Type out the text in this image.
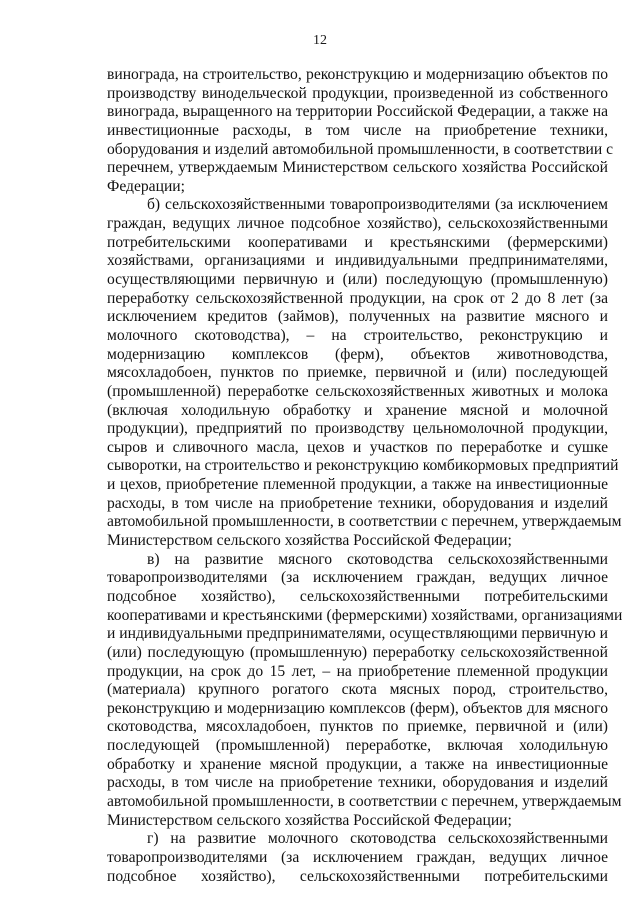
12
винограда, на строительство, реконструкцию и модернизацию объектов по
производству винодельческой продукции, произведенной из собственного
винограда, выращенного на территории Российской Федерации, а также на
инвестиционные расходы, в том числе на приобретение техники,
оборудования и изделий автомобильной промышленности, в соответствии с
перечнем, утверждаемым Министерством сельского хозяйства Российской
Федерации;
б) сельскохозяйственными товаропроизводителями (за исключением
граждан, ведущих личное подсобное хозяйство), сельскохозяйственными
потребительскими кооперативами и крестьянскими (фермерскими)
хозяйствами, организациями и индивидуальными предпринимателями,
осуществляющими первичную и (или) последующую (промышленную)
переработку сельскохозяйственной продукции, на срок от 2 до 8 лет (за
исключением кредитов (займов), полученных на развитие мясного и
молочного скотоводства), – на строительство, реконструкцию и
модернизацию комплексов (ферм), объектов животноводства,
мясохладобоен, пунктов по приемке, первичной и (или) последующей
(промышленной) переработке сельскохозяйственных животных и молока
(включая холодильную обработку и хранение мясной и молочной
продукции), предприятий по производству цельномолочной продукции,
сыров и сливочного масла, цехов и участков по переработке и сушке
сыворотки, на строительство и реконструкцию комбикормовых предприятий
и цехов, приобретение племенной продукции, а также на инвестиционные
расходы, в том числе на приобретение техники, оборудования и изделий
автомобильной промышленности, в соответствии с перечнем, утверждаемым
Министерством сельского хозяйства Российской Федерации;
в) на развитие мясного скотоводства сельскохозяйственными
товаропроизводителями (за исключением граждан, ведущих личное
подсобное хозяйство), сельскохозяйственными потребительскими
кооперативами и крестьянскими (фермерскими) хозяйствами, организациями
и индивидуальными предпринимателями, осуществляющими первичную и
(или) последующую (промышленную) переработку сельскохозяйственной
продукции, на срок до 15 лет, – на приобретение племенной продукции
(материала) крупного рогатого скота мясных пород, строительство,
реконструкцию и модернизацию комплексов (ферм), объектов для мясного
скотоводства, мясохладобоен, пунктов по приемке, первичной и (или)
последующей (промышленной) переработке, включая холодильную
обработку и хранение мясной продукции, а также на инвестиционные
расходы, в том числе на приобретение техники, оборудования и изделий
автомобильной промышленности, в соответствии с перечнем, утверждаемым
Министерством сельского хозяйства Российской Федерации;
г) на развитие молочного скотоводства сельскохозяйственными
товаропроизводителями (за исключением граждан, ведущих личное
подсобное хозяйство), сельскохозяйственными потребительскими
